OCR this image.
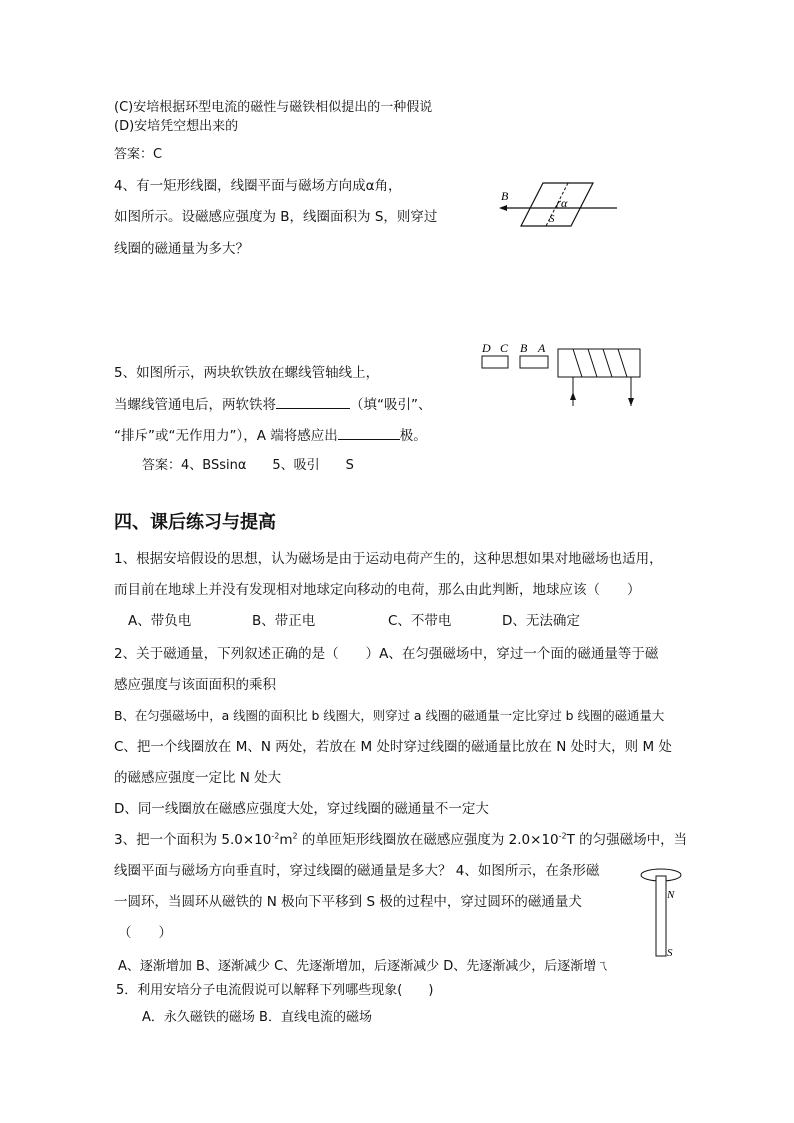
(C)安培根据环型电流的磁性与磁铁相似提出的一种假说
(D)安培凭空想出来的
答案：C
4、有一矩形线圈，线圈平面与磁场方向成α角，
如图所示。设磁感应强度为 B，线圈面积为 S，则穿过
线圈的磁通量为多大？
B
S
α
D C B A
5、如图所示，两块软铁放在螺线管轴线上，
当螺线管通电后，两软铁将	（填“吸引”、
“排斥”或“无作用力”），A 端将感应出	极。
答案：4、BSsinα　　5、吸引　　S
四、课后练习与提高
1、根据安培假设的思想，认为磁场是由于运动电荷产生的，这种思想如果对地磁场也适用，
而目前在地球上并没有发现相对地球定向移动的电荷，那么由此判断，地球应该（　　）
A、带负电	B、带正电	C、不带电	D、无法确定
2、关于磁通量，下列叙述正确的是（　　）A、在匀强磁场中，穿过一个面的磁通量等于磁
感应强度与该面面积的乘积
B、在匀强磁场中，a 线圈的面积比 b 线圈大，则穿过 a 线圈的磁通量一定比穿过 b 线圈的磁通量大
C、把一个线圈放在 M、N 两处，若放在 M 处时穿过线圈的磁通量比放在 N 处时大，则 M 处
的磁感应强度一定比 N 处大
D、同一线圈放在磁感应强度大处，穿过线圈的磁通量不一定大
3、把一个面积为 $5.0\times 10^{-2}m^2$ 的单匝矩形线圈放在磁感应强度为 $2.0\times 10^{-2}T$ 的匀强磁场中，当
线圈平面与磁场方向垂直时，穿过线圈的磁通量是多大？ 4、如图所示，在条形磁
一圆环，当圆环从磁铁的 N 极向下平移到 S 极的过程中，穿过圆环的磁通量犬
（　　）
A、逐渐增加 B、逐渐减少 C、先逐渐增加，后逐渐减少 D、先逐渐减少，后逐渐增ㄟ
N
S
5．利用安培分子电流假说可以解释下列哪些现象(　　)
A．永久磁铁的磁场 B．直线电流的磁场
